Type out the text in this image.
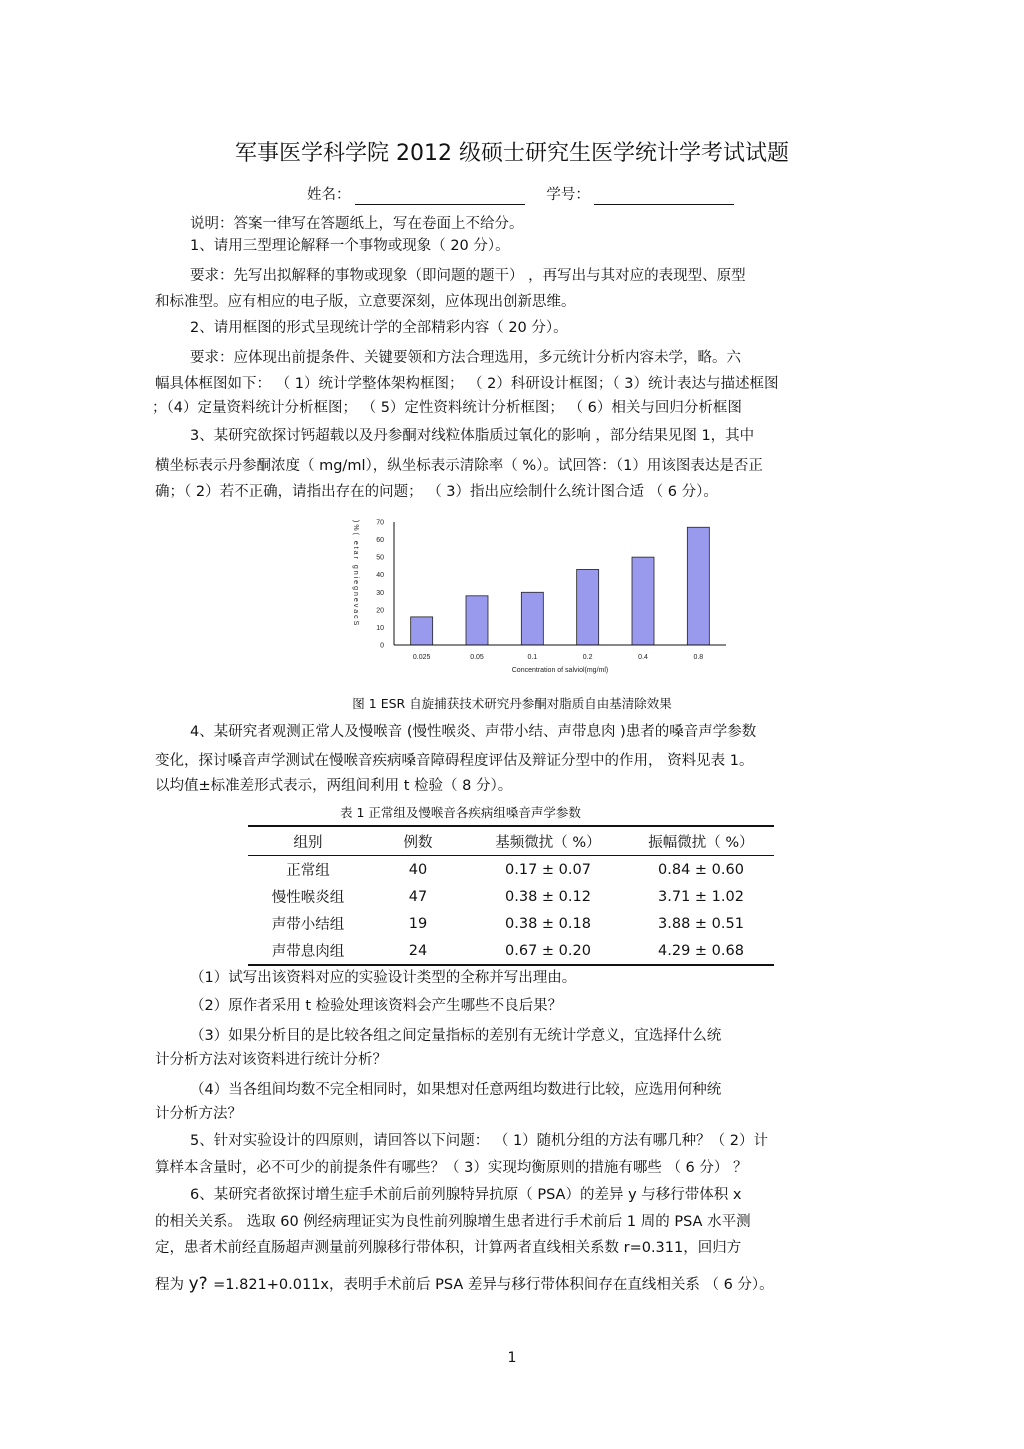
军事医学科学院 2012 级硕士研究生医学统计学考试试题
姓名：	学号：
说明：答案一律写在答题纸上，写在卷面上不给分。
1、请用三型理论解释一个事物或现象（ 20 分）。
要求：先写出拟解释的事物或现象（即问题的题干） ，再写出与其对应的表现型、原型
和标准型。应有相应的电子版，立意要深刻，应体现出创新思维。
2、请用框图的形式呈现统计学的全部精彩内容（ 20 分）。
要求：应体现出前提条件、关键要领和方法合理选用，多元统计分析内容未学，略。六
幅具体框图如下： （ 1）统计学整体架构框图； （ 2）科研设计框图；（ 3）统计表达与描述框图
；（4）定量资料统计分析框图； （ 5）定性资料统计分析框图； （ 6）相关与回归分析框图
3、某研究欲探讨钙超载以及丹参酮对线粒体脂质过氧化的影响 ，部分结果见图 1，其中
横坐标表示丹参酮浓度（ mg/ml），纵坐标表示清除率（ %）。试回答：（1）用该图表达是否正
确；（ 2）若不正确，请指出存在的问题； （ 3）指出应绘制什么统计图合适 （ 6 分）。
)%( etar gniegnevacS 70
60
50
40
30
20
10
0
0.025	0.05	0.1	0.2	0.4	0.8
Concentration of salviol(mg/ml)
图 1 ESR 自旋捕获技术研究丹参酮对脂质自由基清除效果
4、某研究者观测正常人及慢喉音 (慢性喉炎、声带小结、声带息肉 )患者的嗓音声学参数
变化，探讨嗓音声学测试在慢喉音疾病嗓音障碍程度评估及辩证分型中的作用， 资料见表 1。
以均值±标准差形式表示，两组间利用 t 检验（ 8 分）。
表 1 正常组及慢喉音各疾病组嗓音声学参数
组别	例数	基频微扰（ %）	振幅微扰（ %）
正常组	40	0.17 ± 0.07	0.84 ± 0.60
慢性喉炎组	47	0.38 ± 0.12	3.71 ± 1.02
声带小结组	19	0.38 ± 0.18	3.88 ± 0.51
声带息肉组	24	0.67 ± 0.20	4.29 ± 0.68
（1）试写出该资料对应的实验设计类型的全称并写出理由。
（2）原作者采用 t 检验处理该资料会产生哪些不良后果？
（3）如果分析目的是比较各组之间定量指标的差别有无统计学意义，宜选择什么统
计分析方法对该资料进行统计分析？
（4）当各组间均数不完全相同时，如果想对任意两组均数进行比较，应选用何种统
计分析方法？
5、针对实验设计的四原则，请回答以下问题： （ 1）随机分组的方法有哪几种？（ 2）计
算样本含量时，必不可少的前提条件有哪些？（ 3）实现均衡原则的措施有哪些 （ 6 分） ？
6、某研究者欲探讨增生症手术前后前列腺特异抗原（ PSA）的差异 y 与移行带体积 x
的相关关系。 选取 60 例经病理证实为良性前列腺增生患者进行手术前后 1 周的 PSA 水平测
定，患者术前经直肠超声测量前列腺移行带体积，计算两者直线相关系数 r=0.311，回归方
程为 y? =1.821+0.011x，表明手术前后 PSA 差异与移行带体积间存在直线相关系 （ 6 分）。
1
